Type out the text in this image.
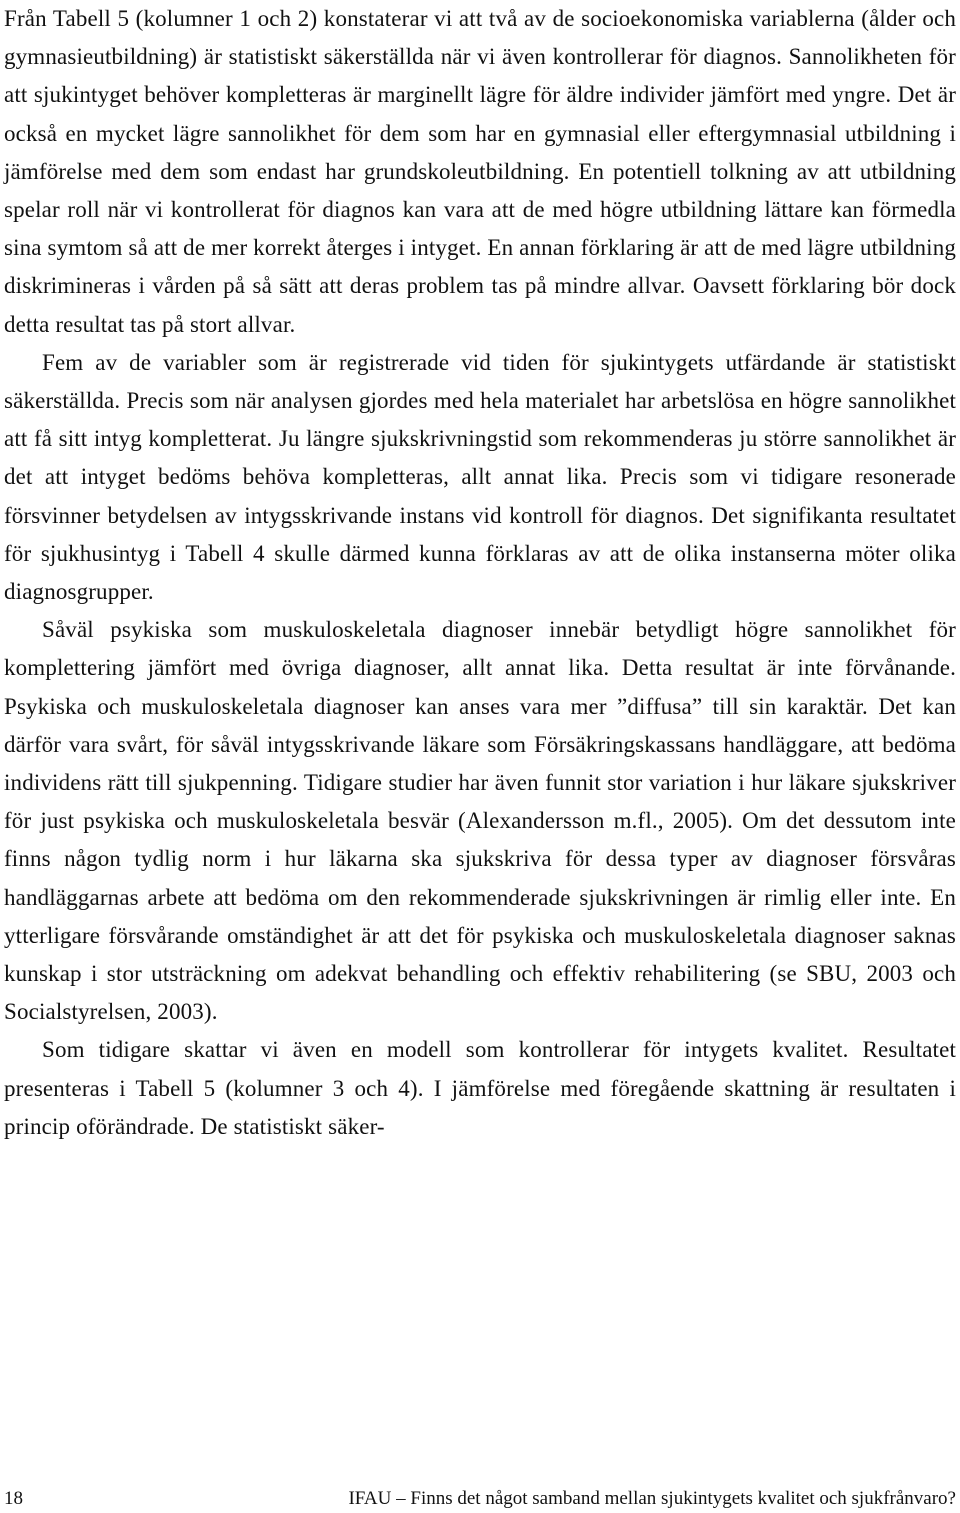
Från Tabell 5 (kolumner 1 och 2) konstaterar vi att två av de socioekonomiska variablerna (ålder och gymnasieutbildning) är statistiskt säkerställda när vi även kontrollerar för diagnos. Sannolikheten för att sjukintyget behöver kompletteras är marginellt lägre för äldre individer jämfört med yngre. Det är också en mycket lägre sannolikhet för dem som har en gymnasial eller eftergymnasial utbildning i jämförelse med dem som endast har grundskoleutbildning. En potentiell tolkning av att utbildning spelar roll när vi kontrollerat för diagnos kan vara att de med högre utbildning lättare kan förmedla sina symtom så att de mer korrekt återges i intyget. En annan förklaring är att de med lägre utbildning diskrimineras i vården på så sätt att deras problem tas på mindre allvar. Oavsett förklaring bör dock detta resultat tas på stort allvar.

Fem av de variabler som är registrerade vid tiden för sjukintygets utfärdande är statistiskt säkerställda. Precis som när analysen gjordes med hela materialet har arbetslösa en högre sannolikhet att få sitt intyg kompletterat. Ju längre sjukskrivningstid som rekommenderas ju större sannolikhet är det att intyget bedöms behöva kompletteras, allt annat lika. Precis som vi tidigare resonerade försvinner betydelsen av intygsskrivande instans vid kontroll för diagnos. Det signifikanta resultatet för sjukhusintyg i Tabell 4 skulle därmed kunna förklaras av att de olika instanserna möter olika diagnosgrupper.

Såväl psykiska som muskuloskeletala diagnoser innebär betydligt högre sannolikhet för komplettering jämfört med övriga diagnoser, allt annat lika. Detta resultat är inte förvånande. Psykiska och muskuloskeletala diagnoser kan anses vara mer ”diffusa” till sin karaktär. Det kan därför vara svårt, för såväl intygsskrivande läkare som Försäkringskassans handläggare, att bedöma individens rätt till sjukpenning. Tidigare studier har även funnit stor variation i hur läkare sjukskriver för just psykiska och muskuloskeletala besvär (Alexandersson m.fl., 2005). Om det dessutom inte finns någon tydlig norm i hur läkarna ska sjukskriva för dessa typer av diagnoser försvåras handläggarnas arbete att bedöma om den rekommenderade sjukskrivningen är rimlig eller inte. En ytterligare försvårande omständighet är att det för psykiska och muskuloskeletala diagnoser saknas kunskap i stor utsträckning om adekvat behandling och effektiv rehabilitering (se SBU, 2003 och Socialstyrelsen, 2003).

Som tidigare skattar vi även en modell som kontrollerar för intygets kvalitet. Resultatet presenteras i Tabell 5 (kolumner 3 och 4). I jämförelse med föregående skattning är resultaten i princip oförändrade. De statistiskt säker-

18	IFAU – Finns det något samband mellan sjukintygets kvalitet och sjukfrånvaro?
